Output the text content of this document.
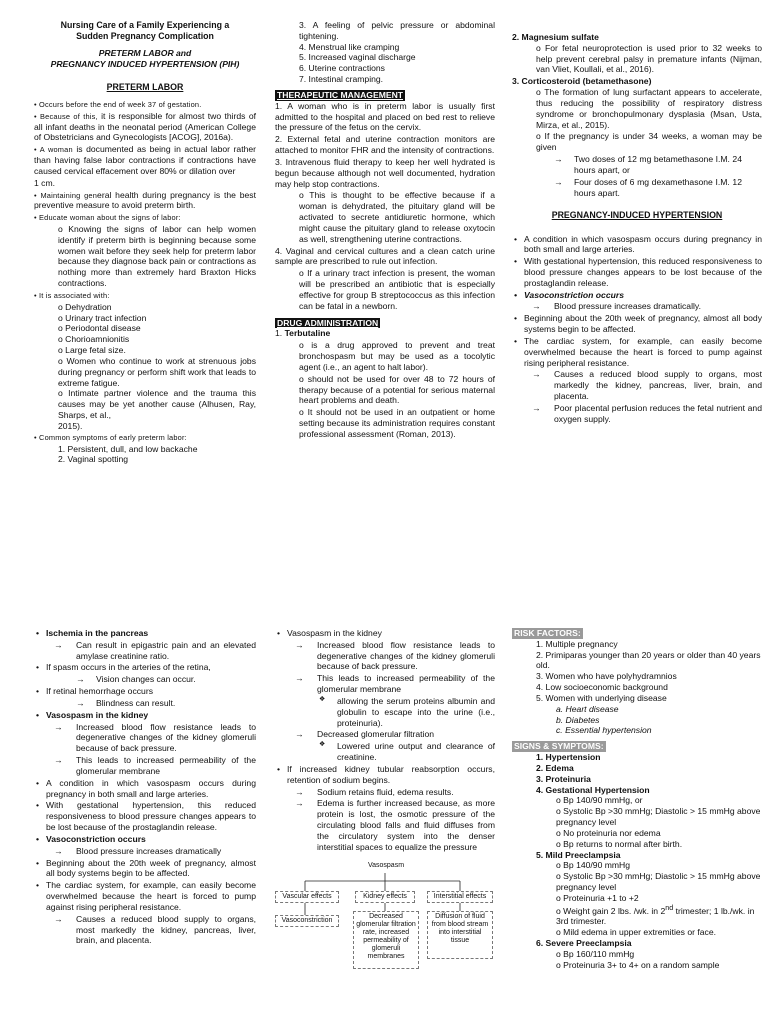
Nursing Care of a Family Experiencing a
Sudden Pregnancy Complication
PRETERM LABOR and
PREGNANCY INDUCED HYPERTENSION (PIH)
PRETERM LABOR
• Occurs before the end of week 37 of gestation.
• Because of this, it is responsible for almost two thirds of all infant deaths in the neonatal period (American College of Obstetricians and Gynecologists [ACOG], 2016a).
• A woman is documented as being in actual labor rather than having false labor contractions if contractions have caused cervical effacement over 80% or dilation over
1 cm.
• Maintaining general health during pregnancy is the best preventive measure to avoid preterm birth.
• Educate woman about the signs of labor:
o Knowing the signs of labor can help women identify if preterm birth is beginning because some women wait before they seek help for preterm labor because they diagnose back pain or contractions as nothing more than extremely hard Braxton Hicks contractions.
• It is associated with:
o Dehydration
o Urinary tract infection
o Periodontal disease
o Chorioamnionitis
o Large fetal size.
o Women who continue to work at strenuous jobs during pregnancy or perform shift work that leads to extreme fatigue.
o Intimate partner violence and the trauma this causes may be yet another cause (Alhusen, Ray, Sharps, et al.,
2015).
• Common symptoms of early preterm labor:
1. Persistent, dull, and low backache
2. Vaginal spotting
3. A feeling of pelvic pressure or abdominal tightening.
4. Menstrual like cramping
5. Increased vaginal discharge
6. Uterine contractions
7. Intestinal cramping.
THERAPEUTIC MANAGEMENT
1. A woman who is in preterm labor is usually first admitted to the hospital and placed on bed rest to relieve the pressure of the fetus on the cervix.
2. External fetal and uterine contraction monitors are attached to monitor FHR and the intensity of contractions.
3. Intravenous fluid therapy to keep her well hydrated is begun because although not well documented, hydration may help stop contractions.
o This is thought to be effective because if a woman is dehydrated, the pituitary gland will be activated to secrete antidiuretic hormone, which might cause the pituitary gland to release oxytocin as well, strengthening uterine contractions.
4. Vaginal and cervical cultures and a clean catch urine sample are prescribed to rule out infection.
o If a urinary tract infection is present, the woman will be prescribed an antibiotic that is especially effective for group B streptococcus as this infection can be fatal in a newborn.
DRUG ADMINISTRATION
1. Terbutaline
o is a drug approved to prevent and treat bronchospasm but may be used as a tocolytic agent (i.e., an agent to halt labor).
o should not be used for over 48 to 72 hours of therapy because of a potential for serious maternal heart problems and death.
o It should not be used in an outpatient or home setting because its administration requires constant professional assessment (Roman, 2013).
2. Magnesium sulfate
o For fetal neuroprotection is used prior to 32 weeks to help prevent cerebral palsy in premature infants (Nijman, van Vliet, Koullali, et al., 2016).
3. Corticosteroid (betamethasone)
o The formation of lung surfactant appears to accelerate, thus reducing the possibility of respiratory distress syndrome or bronchopulmonary dysplasia (Msan, Usta, Mirza, et al., 2015).
o If the pregnancy is under 34 weeks, a woman may be given
→ Two doses of 12 mg betamethasone I.M. 24 hours apart, or
→ Four doses of 6 mg dexamethasone I.M. 12 hours apart.
PREGNANCY-INDUCED HYPERTENSION
• A condition in which vasospasm occurs during pregnancy in both small and large arteries.
• With gestational hypertension, this reduced responsiveness to blood pressure changes appears to be lost because of the prostaglandin release.
• Vasoconstriction occurs
→ Blood pressure increases dramatically.
• Beginning about the 20th week of pregnancy, almost all body systems begin to be affected.
• The cardiac system, for example, can easily become overwhelmed because the heart is forced to pump against rising peripheral resistance.
→ Causes a reduced blood supply to organs, most markedly the kidney, pancreas, liver, brain, and placenta.
→ Poor placental perfusion reduces the fetal nutrient and oxygen supply.
• Ischemia in the pancreas
→ Can result in epigastric pain and an elevated amylase creatinine ratio.
• If spasm occurs in the arteries of the retina,
→ Vision changes can occur.
• If retinal hemorrhage occurs
→ Blindness can result.
• Vasospasm in the kidney
→ Increased blood flow resistance leads to degenerative changes of the kidney glomeruli because of back pressure.
→ This leads to increased permeability of the glomerular membrane
• A condition in which vasospasm occurs during pregnancy in both small and large arteries.
• With gestational hypertension, this reduced responsiveness to blood pressure changes appears to be lost because of the prostaglandin release.
• Vasoconstriction occurs
→ Blood pressure increases dramatically
• Beginning about the 20th week of pregnancy, almost all body systems begin to be affected.
• The cardiac system, for example, can easily become overwhelmed because the heart is forced to pump against rising peripheral resistance.
→ Causes a reduced blood supply to organs, most markedly the kidney, pancreas, liver, brain, and placenta.
• Vasospasm in the kidney
→ Increased blood flow resistance leads to degenerative changes of the kidney glomeruli because of back pressure.
→ This leads to increased permeability of the glomerular membrane
❖ allowing the serum proteins albumin and globulin to escape into the urine (i.e., proteinuria).
→ Decreased glomerular filtration
❖ Lowered urine output and clearance of creatinine.
• If increased kidney tubular reabsorption occurs, retention of sodium begins.
→ Sodium retains fluid, edema results.
→ Edema is further increased because, as more protein is lost, the osmotic pressure of the circulating blood falls and fluid diffuses from the circulatory system into the denser interstitial spaces to equalize the pressure
Vasospasm
Vascular effects	Kidney effects	Interstitial effects
Vasoconstriction
Decreased glomerular filtration rate, increased permeability of glomeruli membranes
Diffusion of fluid from blood stream into interstitial tissue
RISK FACTORS:
1. Multiple pregnancy
2. Primiparas younger than 20 years or older than 40 years old.
3. Women who have polyhydramnios
4. Low socioeconomic background
5. Women with underlying disease
a. Heart disease
b. Diabetes
c. Essential hypertension
SIGNS & SYMPTOMS:
1. Hypertension
2. Edema
3. Proteinuria
4. Gestational Hypertension
o Bp 140/90 mmHg, or
o Systolic Bp >30 mmHg; Diastolic > 15 mmHg above pregnancy level
o No proteinuria nor edema
o Bp returns to normal after birth.
5. Mild Preeclampsia
o Bp 140/90 mmHg
o Systolic Bp >30 mmHg; Diastolic > 15 mmHg above pregnancy level
o Proteinuria +1 to +2
o Weight gain 2 lbs. /wk. in 2nd trimester; 1 lb./wk. in 3rd trimester.
o Mild edema in upper extremities or face.
6. Severe Preeclampsia
o Bp 160/110 mmHg
o Proteinuria 3+ to 4+ on a random sample
